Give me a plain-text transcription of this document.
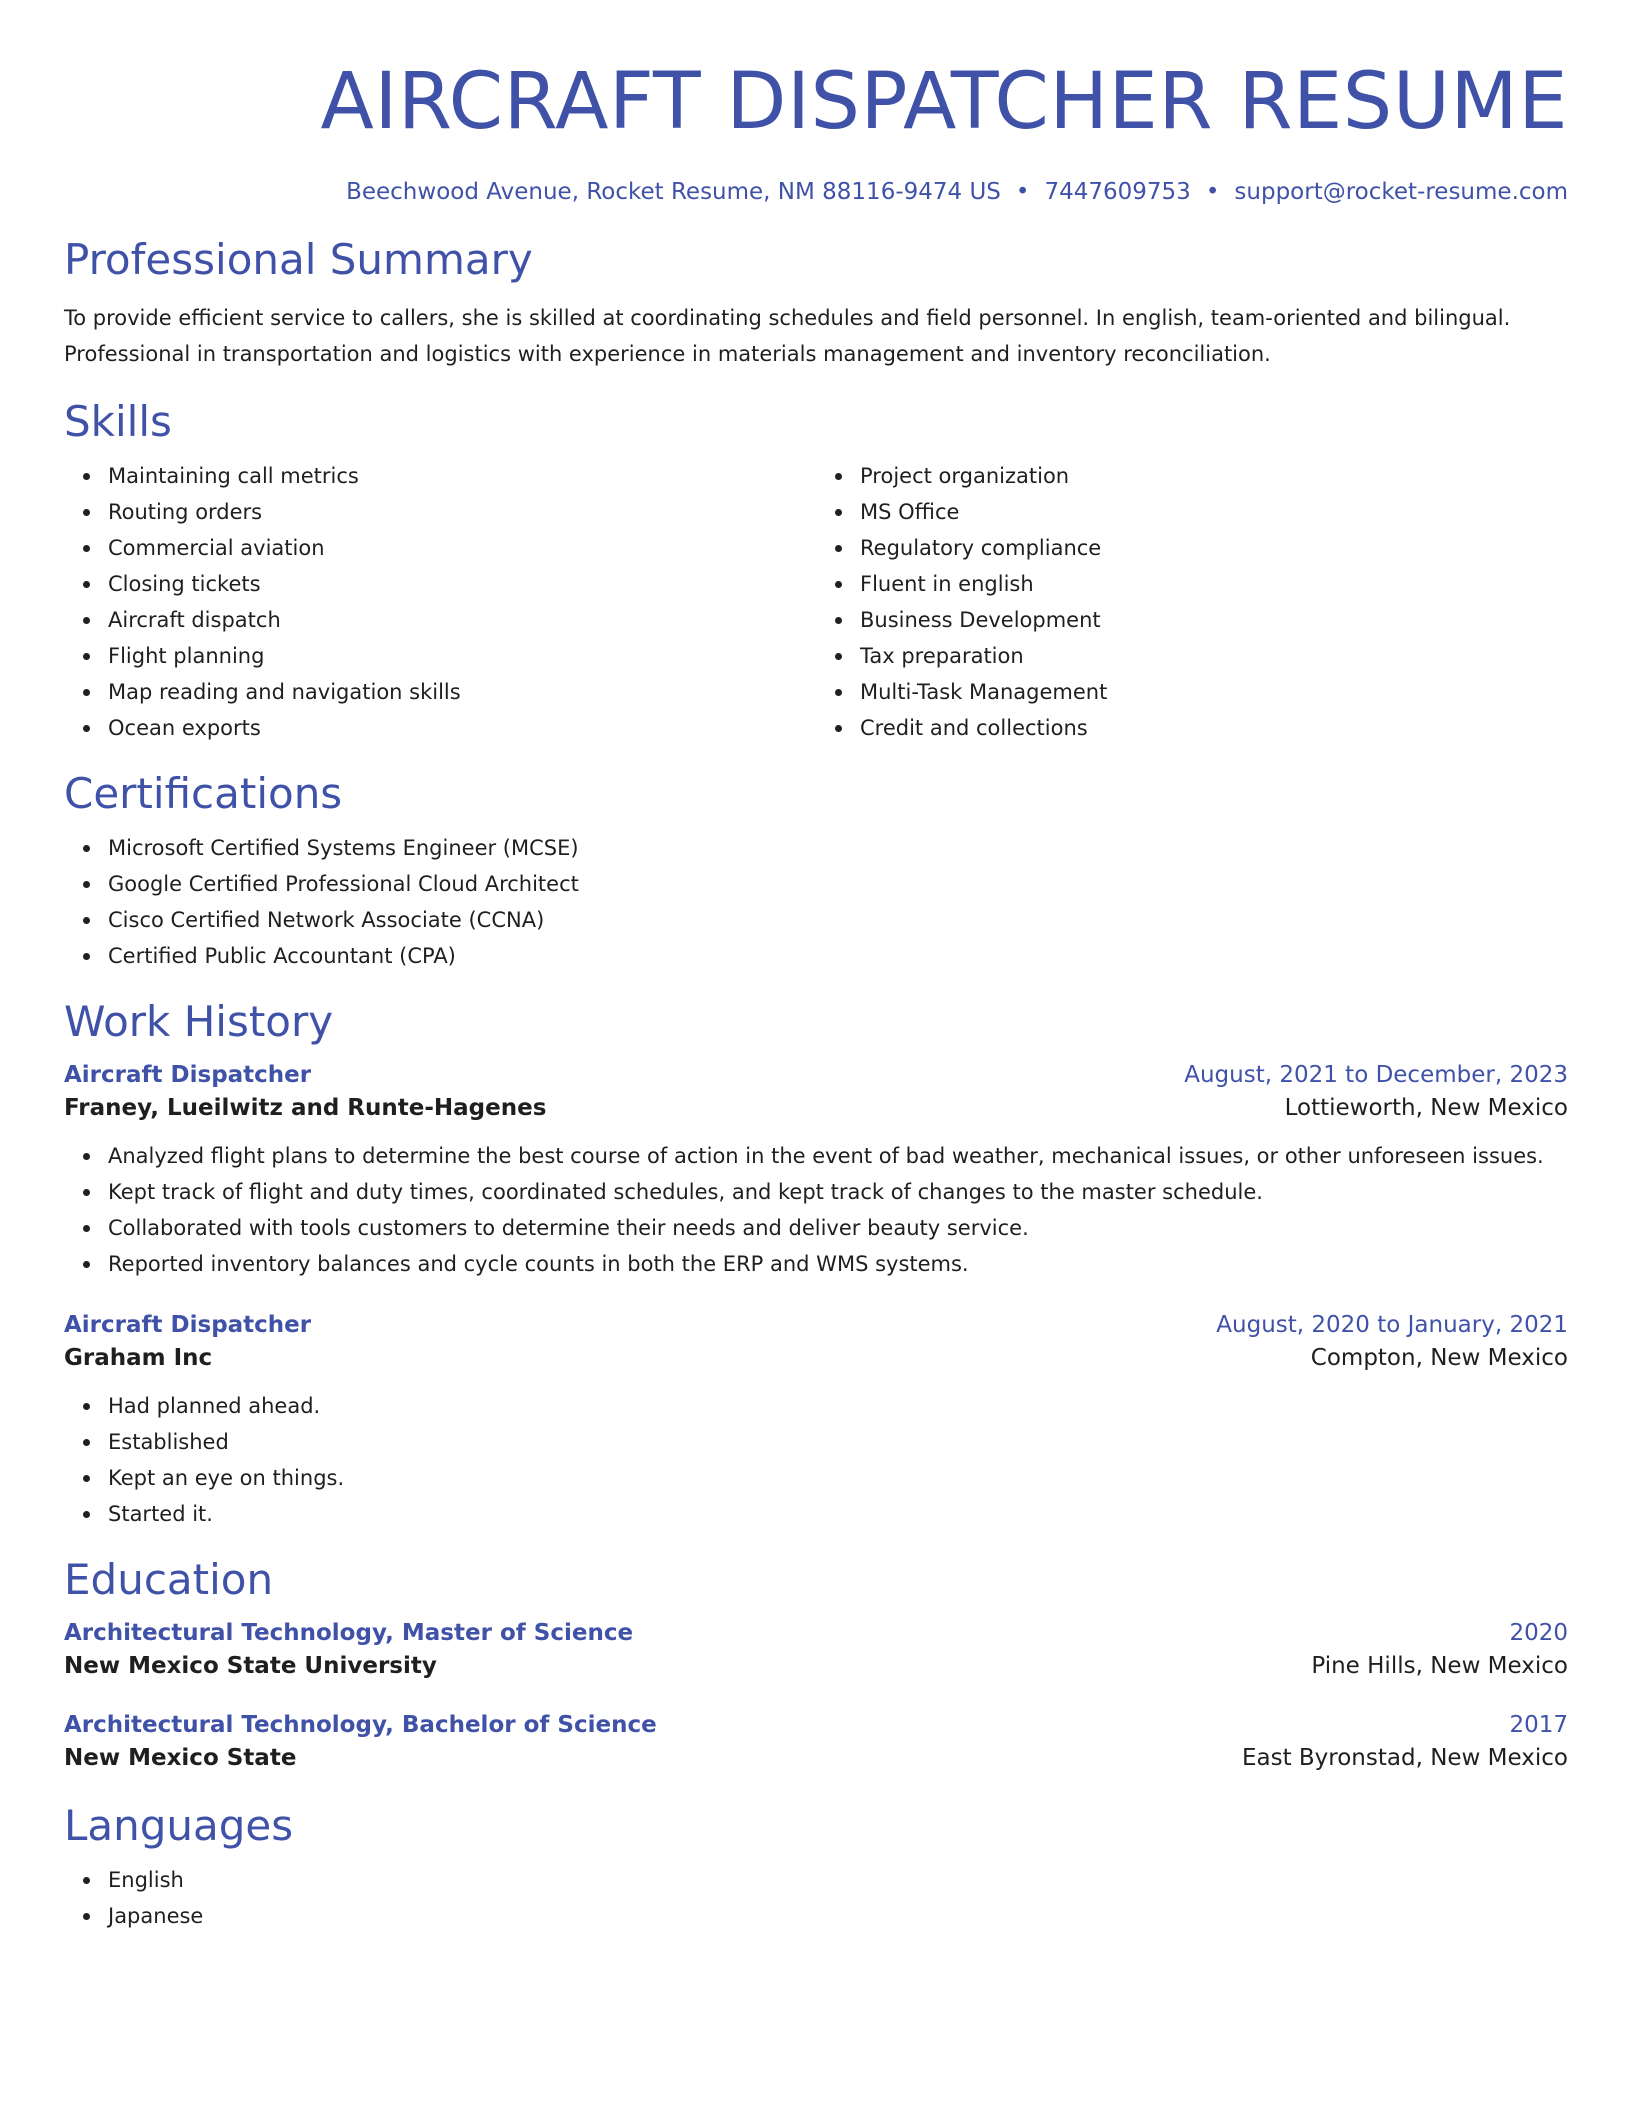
AIRCRAFT DISPATCHER RESUME
Beechwood Avenue, Rocket Resume, NM 88116-9474 US • 7447609753 • support@rocket-resume.com
Professional Summary

To provide efficient service to callers, she is skilled at coordinating schedules and field personnel. In english, team-oriented and bilingual.
Professional in transportation and logistics with experience in materials management and inventory reconciliation.

Skills
Maintaining call metrics
Routing orders
Commercial aviation
Closing tickets
Aircraft dispatch
Flight planning
Map reading and navigation skills
Ocean exports
Project organization
MS Office
Regulatory compliance
Fluent in english
Business Development
Tax preparation
Multi-Task Management
Credit and collections
Certifications
Microsoft Certified Systems Engineer (MCSE)
Google Certified Professional Cloud Architect
Cisco Certified Network Associate (CCNA)
Certified Public Accountant (CPA)
Work History
Aircraft Dispatcher	August, 2021 to December, 2023
Franey, Lueilwitz and Runte-Hagenes	Lottieworth, New Mexico
Analyzed flight plans to determine the best course of action in the event of bad weather, mechanical issues, or other unforeseen issues.
Kept track of flight and duty times, coordinated schedules, and kept track of changes to the master schedule.
Collaborated with tools customers to determine their needs and deliver beauty service.
Reported inventory balances and cycle counts in both the ERP and WMS systems.
Aircraft Dispatcher	August, 2020 to January, 2021
Graham Inc	Compton, New Mexico
Had planned ahead.
Established
Kept an eye on things.
Started it.
Education
Architectural Technology, Master of Science	2020
New Mexico State University	Pine Hills, New Mexico
Architectural Technology, Bachelor of Science	2017
New Mexico State	East Byronstad, New Mexico
Languages
English
Japanese
